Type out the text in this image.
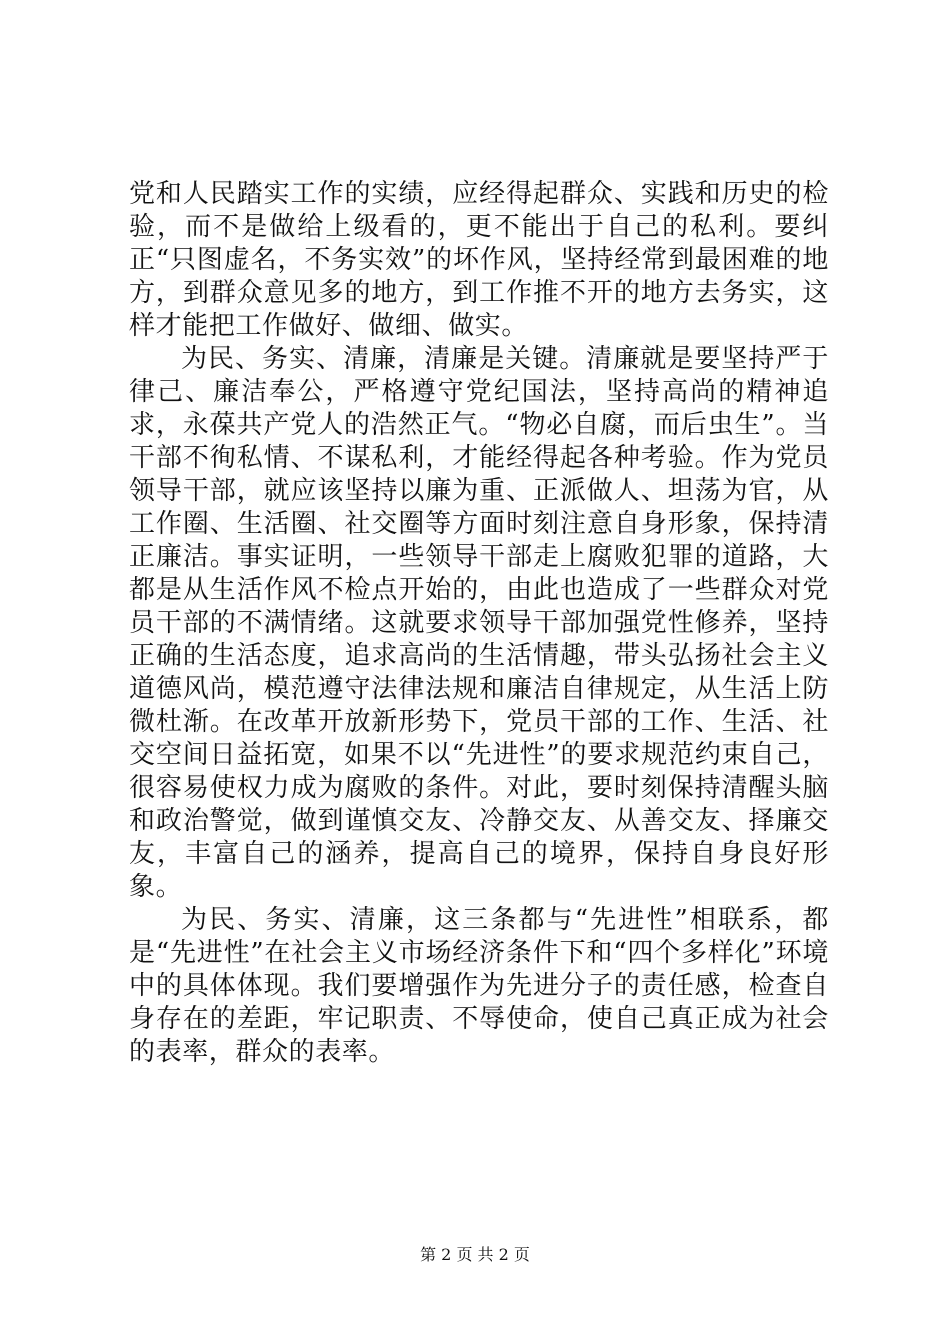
党和人民踏实工作的实绩，应经得起群众、实践和历史的检验，而不是做给上级看的，更不能出于自己的私利。要纠正“只图虚名，不务实效”的坏作风，坚持经常到最困难的地方，到群众意见多的地方，到工作推不开的地方去务实，这样才能把工作做好、做细、做实。

为民、务实、清廉，清廉是关键。清廉就是要坚持严于律己、廉洁奉公，严格遵守党纪国法，坚持高尚的精神追求，永葆共产党人的浩然正气。“物必自腐，而后虫生”。当干部不徇私情、不谋私利，才能经得起各种考验。作为党员领导干部，就应该坚持以廉为重、正派做人、坦荡为官，从工作圈、生活圈、社交圈等方面时刻注意自身形象，保持清正廉洁。事实证明，一些领导干部走上腐败犯罪的道路，大都是从生活作风不检点开始的，由此也造成了一些群众对党员干部的不满情绪。这就要求领导干部加强党性修养，坚持正确的生活态度，追求高尚的生活情趣，带头弘扬社会主义道德风尚，模范遵守法律法规和廉洁自律规定，从生活上防微杜渐。在改革开放新形势下，党员干部的工作、生活、社交空间日益拓宽，如果不以“先进性”的要求规范约束自己，很容易使权力成为腐败的条件。对此，要时刻保持清醒头脑和政治警觉，做到谨慎交友、冷静交友、从善交友、择廉交友，丰富自己的涵养，提高自己的境界，保持自身良好形象。

为民、务实、清廉，这三条都与“先进性”相联系，都是“先进性”在社会主义市场经济条件下和“四个多样化”环境中的具体体现。我们要增强作为先进分子的责任感，检查自身存在的差距，牢记职责、不辱使命，使自己真正成为社会的表率，群众的表率。

第 2 页 共 2 页
